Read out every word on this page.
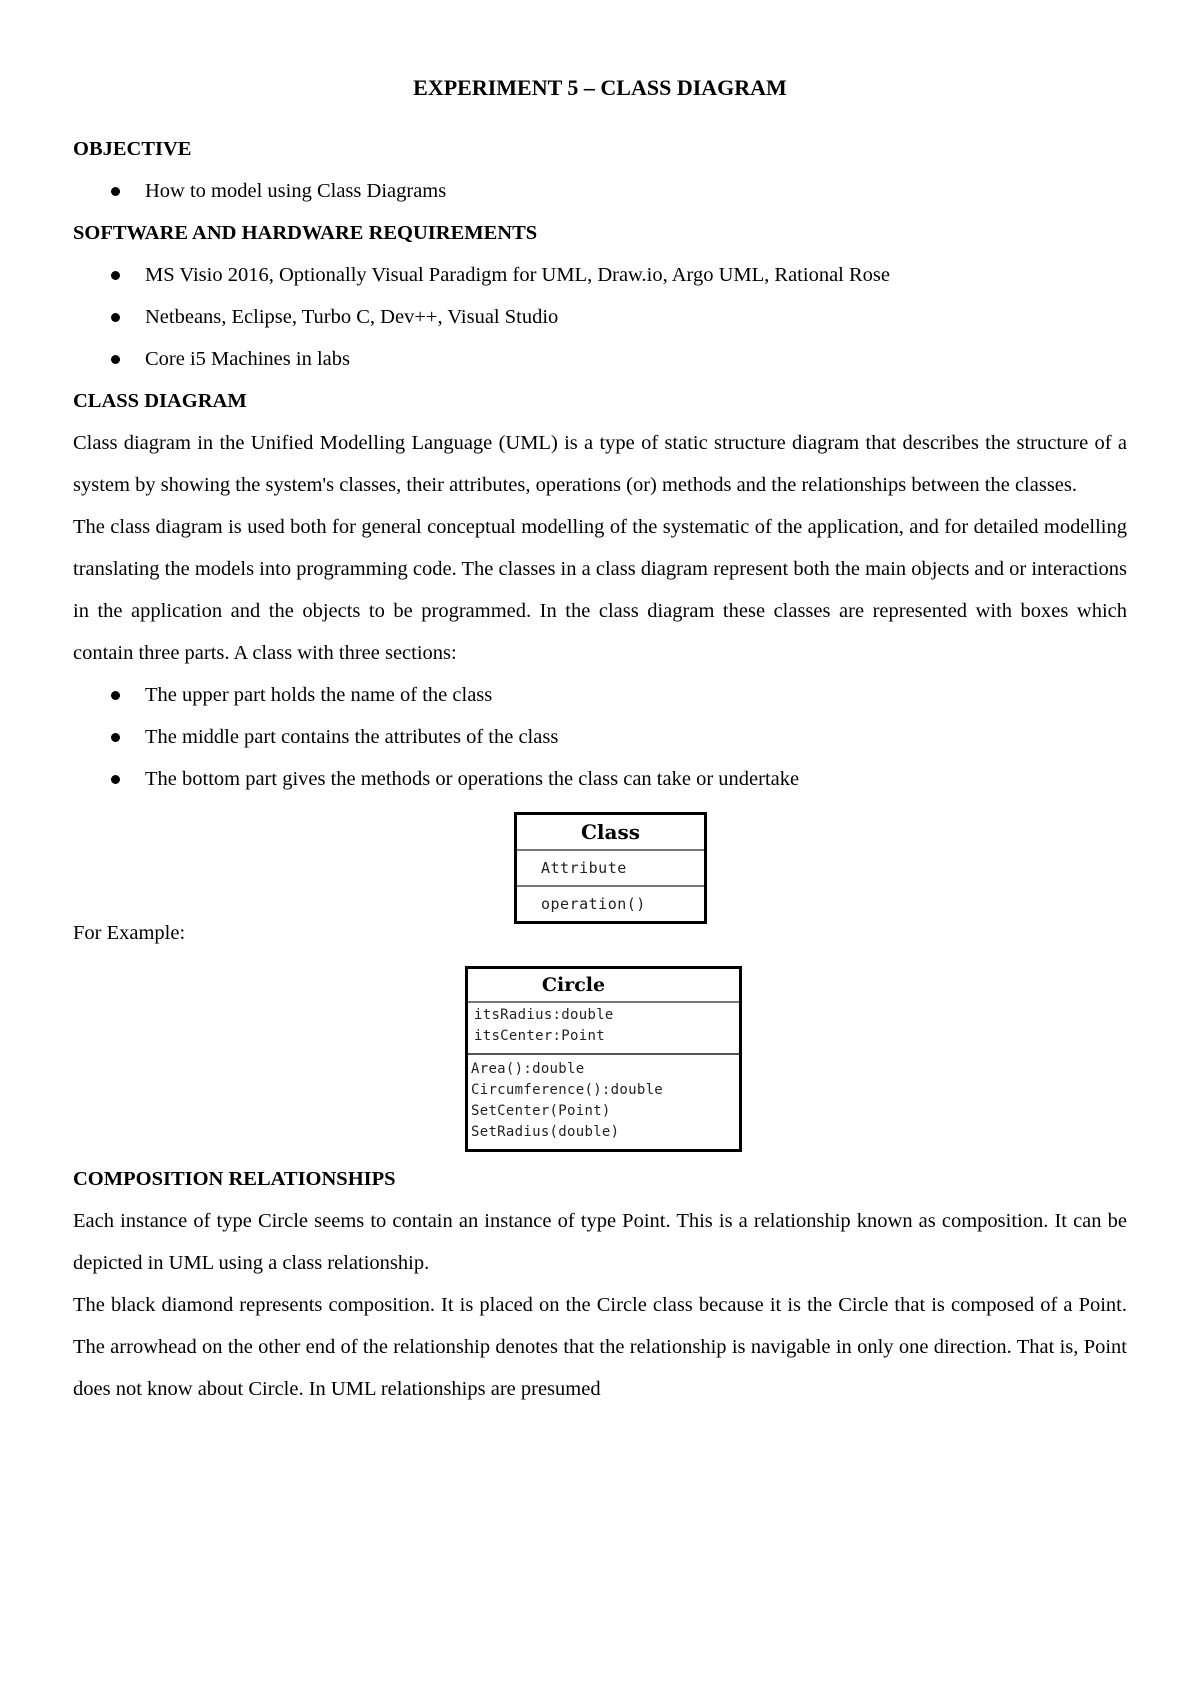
EXPERIMENT 5 – CLASS DIAGRAM
OBJECTIVE
How to model using Class Diagrams
SOFTWARE AND HARDWARE REQUIREMENTS
MS Visio 2016, Optionally Visual Paradigm for UML, Draw.io, Argo UML, Rational Rose
Netbeans, Eclipse, Turbo C, Dev++, Visual Studio
Core i5 Machines in labs
CLASS DIAGRAM

Class diagram in the Unified Modelling Language (UML) is a type of static structure diagram that describes the structure of a system by showing the system's classes, their attributes, operations (or) methods and the relationships between the classes.

The class diagram is used both for general conceptual modelling of the systematic of the application, and for detailed modelling translating the models into programming code. The classes in a class diagram represent both the main objects and or interactions in the application and the objects to be programmed. In the class diagram these classes are represented with boxes which contain three parts. A class with three sections:

The upper part holds the name of the class
The middle part contains the attributes of the class
The bottom part gives the methods or operations the class can take or undertake
Class
Attribute
operation()
For Example:
Circle
itsRadius:double
itsCenter:Point
Area():double
Circumference():double
SetCenter(Point)
SetRadius(double)
COMPOSITION RELATIONSHIPS

Each instance of type Circle seems to contain an instance of type Point. This is a relationship known as composition. It can be depicted in UML using a class relationship.

The black diamond represents composition. It is placed on the Circle class because it is the Circle that is composed of a Point. The arrowhead on the other end of the relationship denotes that the relationship is navigable in only one direction. That is, Point does not know about Circle. In UML relationships are presumed
